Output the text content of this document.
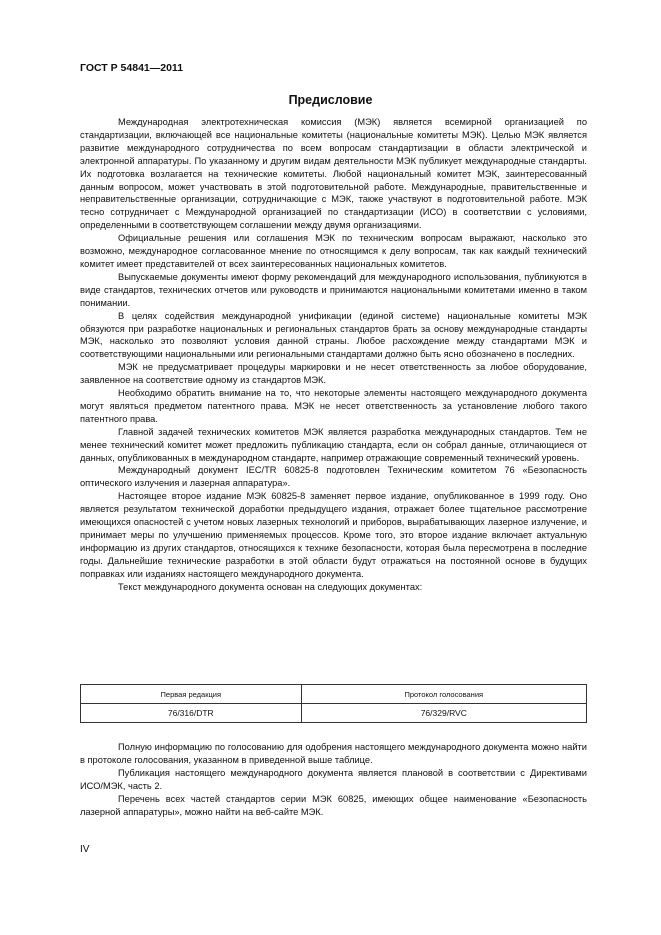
ГОСТ Р 54841—2011
Предисловие

Международная электротехническая комиссия (МЭК) является всемирной организацией по стандартизации, включающей все национальные комитеты (национальные комитеты МЭК). Целью МЭК является развитие международного сотрудничества по всем вопросам стандартизации в области электрической и электронной аппаратуры. По указанному и другим видам деятельности МЭК публикует международные стандарты. Их подготовка возлагается на технические комитеты. Любой национальный комитет МЭК, заинтересованный данным вопросом, может участвовать в этой подготовительной работе. Международные, правительственные и неправительственные организации, сотрудничающие с МЭК, также участвуют в подготовительной работе. МЭК тесно сотрудничает с Международной организацией по стандартизации (ИСО) в соответствии с условиями, определенными в соответствующем соглашении между двумя организациями.

Официальные решения или соглашения МЭК по техническим вопросам выражают, насколько это возможно, международное согласованное мнение по относящимся к делу вопросам, так как каждый технический комитет имеет представителей от всех заинтересованных национальных комитетов.

Выпускаемые документы имеют форму рекомендаций для международного использования, публикуются в виде стандартов, технических отчетов или руководств и принимаются национальными комитетами именно в таком понимании.

В целях содействия международной унификации (единой системе) национальные комитеты МЭК обязуются при разработке национальных и региональных стандартов брать за основу международные стандарты МЭК, насколько это позволяют условия данной страны. Любое расхождение между стандартами МЭК и соответствующими национальными или региональными стандартами должно быть ясно обозначено в последних.

МЭК не предусматривает процедуры маркировки и не несет ответственность за любое оборудование, заявленное на соответствие одному из стандартов МЭК.

Необходимо обратить внимание на то, что некоторые элементы настоящего международного документа могут являться предметом патентного права. МЭК не несет ответственность за установление любого такого патентного права.

Главной задачей технических комитетов МЭК является разработка международных стандартов. Тем не менее технический комитет может предложить публикацию стандарта, если он собрал данные, отличающиеся от данных, опубликованных в международном стандарте, например отражающие современный технический уровень.

Международный документ IEC/TR 60825-8 подготовлен Техническим комитетом 76 «Безопасность оптического излучения и лазерная аппаратура».

Настоящее второе издание МЭК 60825-8 заменяет первое издание, опубликованное в 1999 году. Оно является результатом технической доработки предыдущего издания, отражает более тщательное рассмотрение имеющихся опасностей с учетом новых лазерных технологий и приборов, вырабатывающих лазерное излучение, и принимает меры по улучшению применяемых процессов. Кроме того, это второе издание включает актуальную информацию из других стандартов, относящихся к технике безопасности, которая была пересмотрена в последние годы. Дальнейшие технические разработки в этой области будут отражаться на постоянной основе в будущих поправках или изданиях настоящего международного документа.

Текст международного документа основан на следующих документах:

Первая редакция	Протокол голосования
76/316/DTR	76/329/RVC

Полную информацию по голосованию для одобрения настоящего международного документа можно найти в протоколе голосования, указанном в приведенной выше таблице.

Публикация настоящего международного документа является плановой в соответствии с Директивами ИСО/МЭК, часть 2.

Перечень всех частей стандартов серии МЭК 60825, имеющих общее наименование «Безопасность лазерной аппаратуры», можно найти на веб-сайте МЭК.

IV
